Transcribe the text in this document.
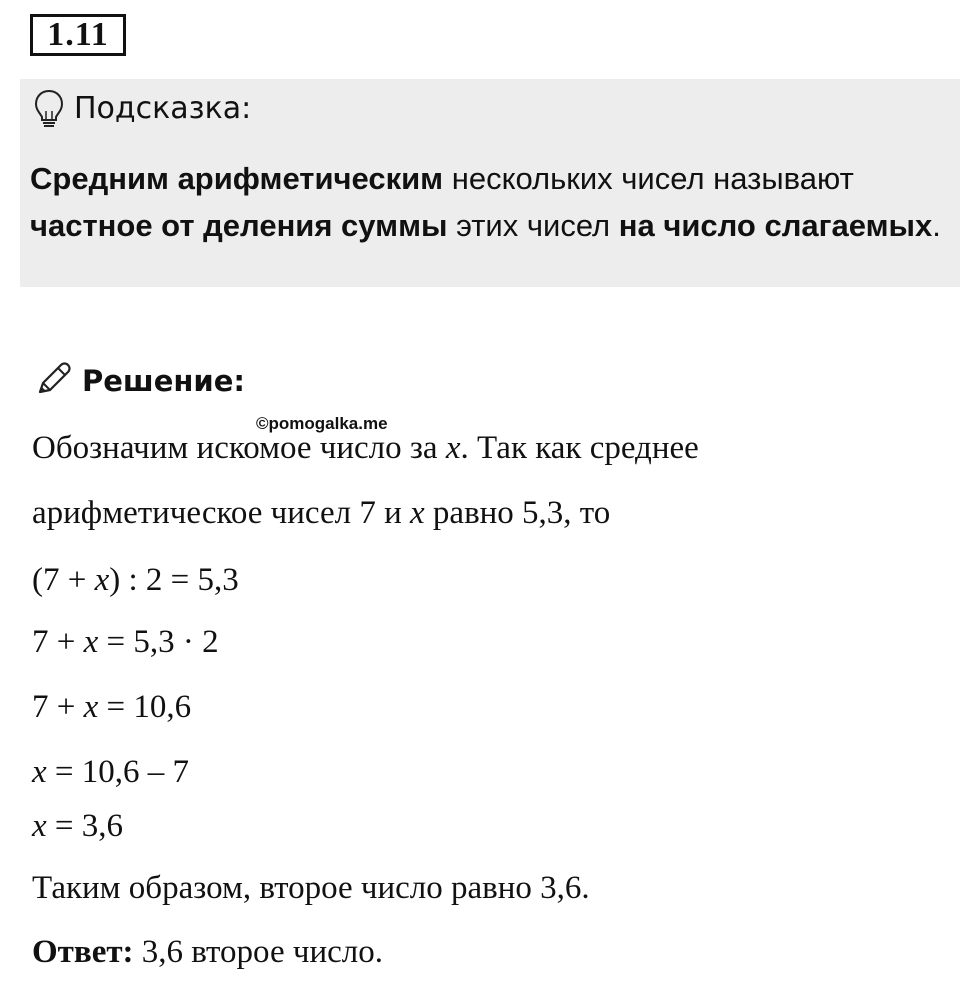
1.11
Подсказка:
Средним арифметическим нескольких чисел называют
частное от деления суммы этих чисел на число слагаемых.
Решение:
©pomogalka.me
Обозначим искомое число за x. Так как среднее
арифметическое чисел 7 и x равно 5,3, то
(7 + x) : 2 = 5,3
7 + x = 5,3 · 2
7 + x = 10,6
x = 10,6 – 7
x = 3,6
Таким образом, второе число равно 3,6.
Ответ: 3,6 второе число.
